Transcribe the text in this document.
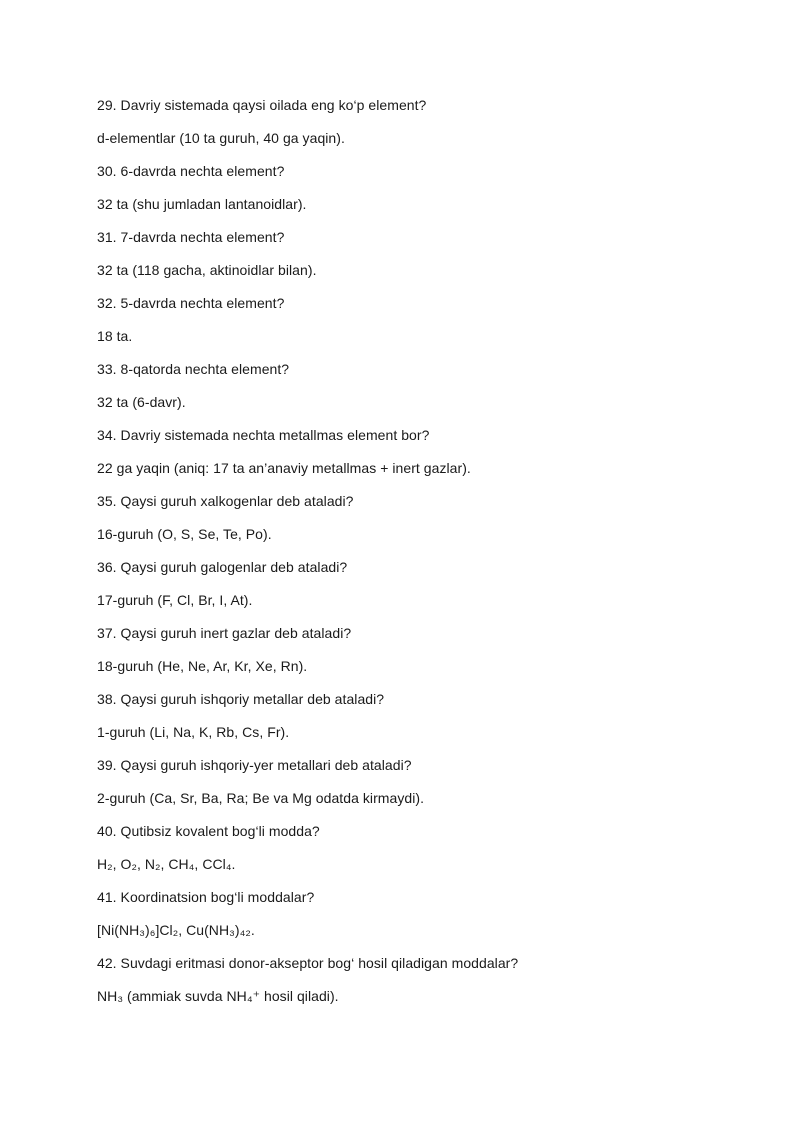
29. Davriy sistemada qaysi oilada eng ko‘p element?
d-elementlar (10 ta guruh, 40 ga yaqin).
30. 6-davrda nechta element?
32 ta (shu jumladan lantanoidlar).
31. 7-davrda nechta element?
32 ta (118 gacha, aktinoidlar bilan).
32. 5-davrda nechta element?
18 ta.
33. 8-qatorda nechta element?
32 ta (6-davr).
34. Davriy sistemada nechta metallmas element bor?
22 ga yaqin (aniq: 17 ta an’anaviy metallmas + inert gazlar).
35. Qaysi guruh xalkogenlar deb ataladi?
16-guruh (O, S, Se, Te, Po).
36. Qaysi guruh galogenlar deb ataladi?
17-guruh (F, Cl, Br, I, At).
37. Qaysi guruh inert gazlar deb ataladi?
18-guruh (He, Ne, Ar, Kr, Xe, Rn).
38. Qaysi guruh ishqoriy metallar deb ataladi?
1-guruh (Li, Na, K, Rb, Cs, Fr).
39. Qaysi guruh ishqoriy-yer metallari deb ataladi?
2-guruh (Ca, Sr, Ba, Ra; Be va Mg odatda kirmaydi).
40. Qutibsiz kovalent bog‘li modda?
H₂, O₂, N₂, CH₄, CCl₄.
41. Koordinatsion bog‘li moddalar?
[Ni(NH₃)₆]Cl₂, Cu(NH₃)₄₂.
42. Suvdagi eritmasi donor-akseptor bog‘ hosil qiladigan moddalar?
NH₃ (ammiak suvda NH₄⁺ hosil qiladi).
